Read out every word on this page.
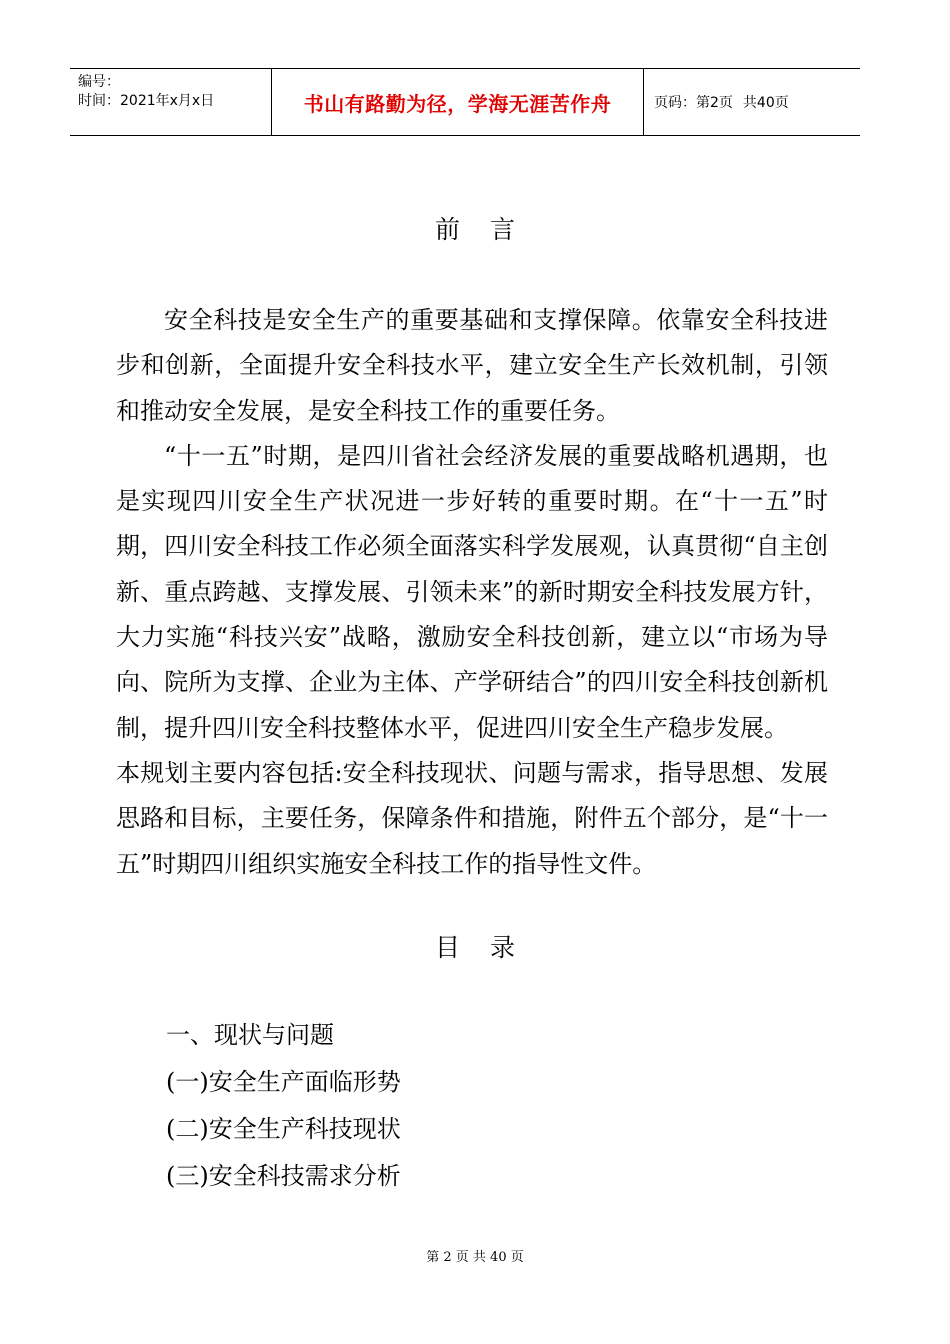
编号：
时间：2021年x月x日	书山有路勤为径，学海无涯苦作舟	页码：第2页 共40页
前言

安全科技是安全生产的重要基础和支撑保障。依靠安全科技进步和创新，全面提升安全科技水平，建立安全生产长效机制，引领和推动安全发展，是安全科技工作的重要任务。

“十一五”时期，是四川省社会经济发展的重要战略机遇期，也是实现四川安全生产状况进一步好转的重要时期。在“十一五”时期，四川安全科技工作必须全面落实科学发展观，认真贯彻“自主创新、重点跨越、支撑发展、引领未来”的新时期安全科技发展方针，大力实施“科技兴安”战略，激励安全科技创新，建立以“市场为导向、院所为支撑、企业为主体、产学研结合”的四川安全科技创新机制，提升四川安全科技整体水平，促进四川安全生产稳步发展。

本规划主要内容包括:安全科技现状、问题与需求，指导思想、发展思路和目标，主要任务，保障条件和措施，附件五个部分，是“十一五”时期四川组织实施安全科技工作的指导性文件。

目录
一、现状与问题
(一)安全生产面临形势
(二)安全生产科技现状
(三)安全科技需求分析
第 2 页 共 40 页
